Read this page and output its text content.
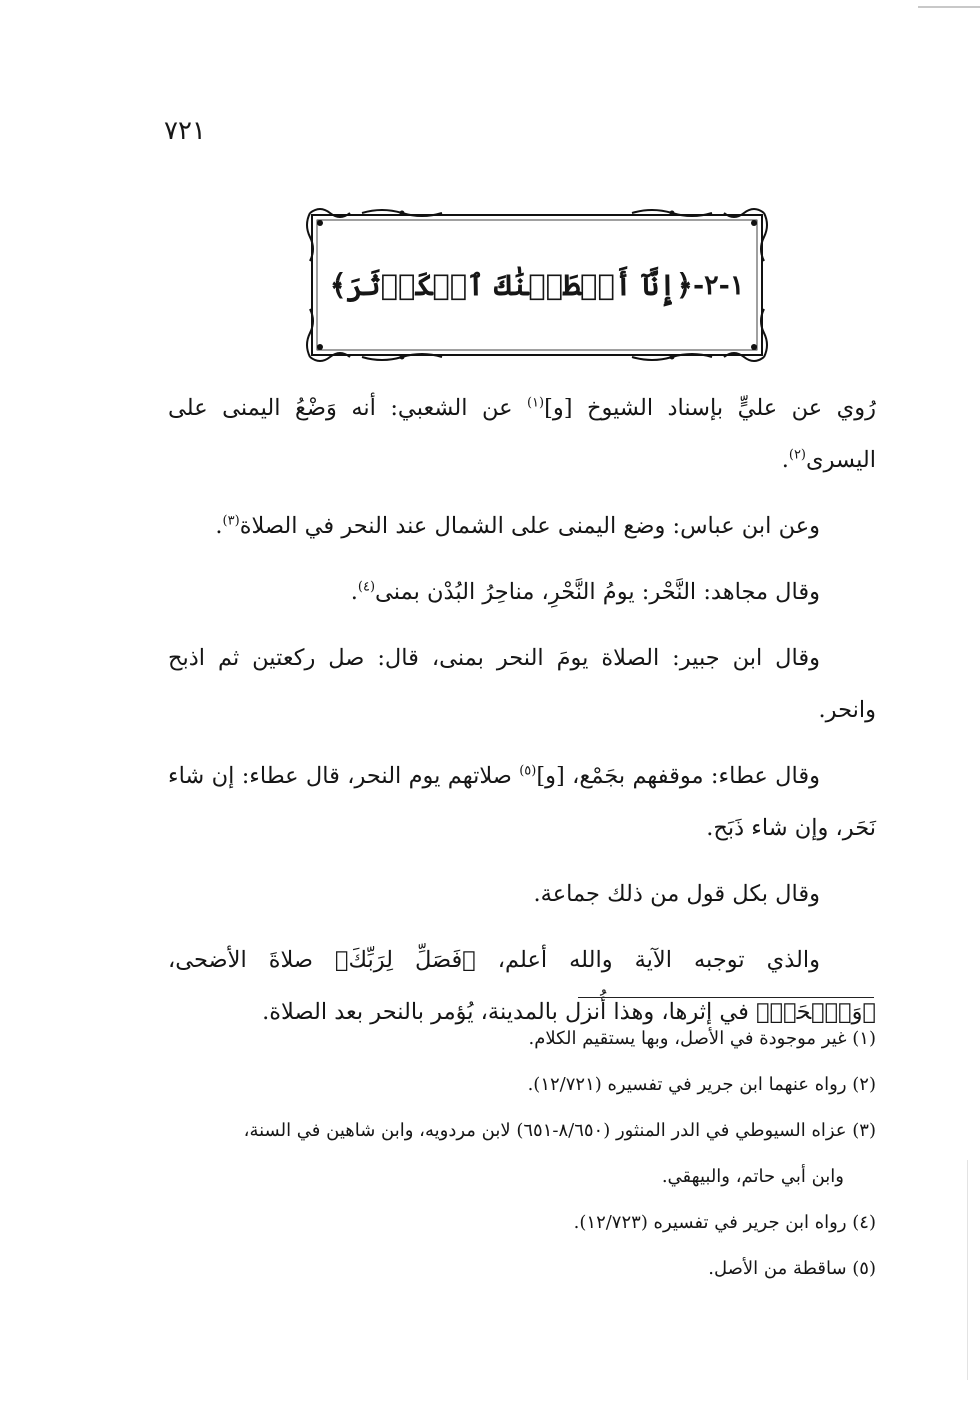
٧٢١
١-٢-
﴿إِنَّآ أَعۡطَيۡنَٰكَ ٱلۡكَوۡثَرَ﴾

رُوي عن عليٍّ بإسناد الشيوخ [و]$^{(١)}$ عن الشعبي: أنه وَضْعُ اليمنى على اليسرى$^{(٢)}$.

وعن ابن عباس: وضع اليمنى على الشمال عند النحر في الصلاة$^{(٣)}$.

وقال مجاهد: النَّحْر: يومُ النَّحْرِ، مناحِرُ البُدْن بمنى$^{(٤)}$.

وقال ابن جبير: الصلاة يومَ النحر بمنى، قال: صل ركعتين ثم اذبح وانحر.

وقال عطاء: موقفهم بجَمْع، [و]$^{(٥)}$ صلاتهم يوم النحر، قال عطاء: إن شاء نَحَر، وإن شاء ذَبَح.

وقال بكل قول من ذلك جماعة.

والذي توجبه الآية والله أعلم، ﴿فَصَلِّ لِرَبِّكَ﴾ صلاةَ الأضحى، ﴿وَٱنۡحَرۡ﴾ في إثرها، وهذا أُنزل بالمدينة، يُؤمر بالنحر بعد الصلاة.

(١) غير موجودة في الأصل، وبها يستقيم الكلام.

(٢) رواه عنهما ابن جرير في تفسيره (١٢/٧٢١).

(٣) عزاه السيوطي في الدر المنثور (٨/٦٥٠-٦٥١) لابن مردويه، وابن شاهين في السنة،

وابن أبي حاتم، والبيهقي.

(٤) رواه ابن جرير في تفسيره (١٢/٧٢٣).

(٥) ساقطة من الأصل.
